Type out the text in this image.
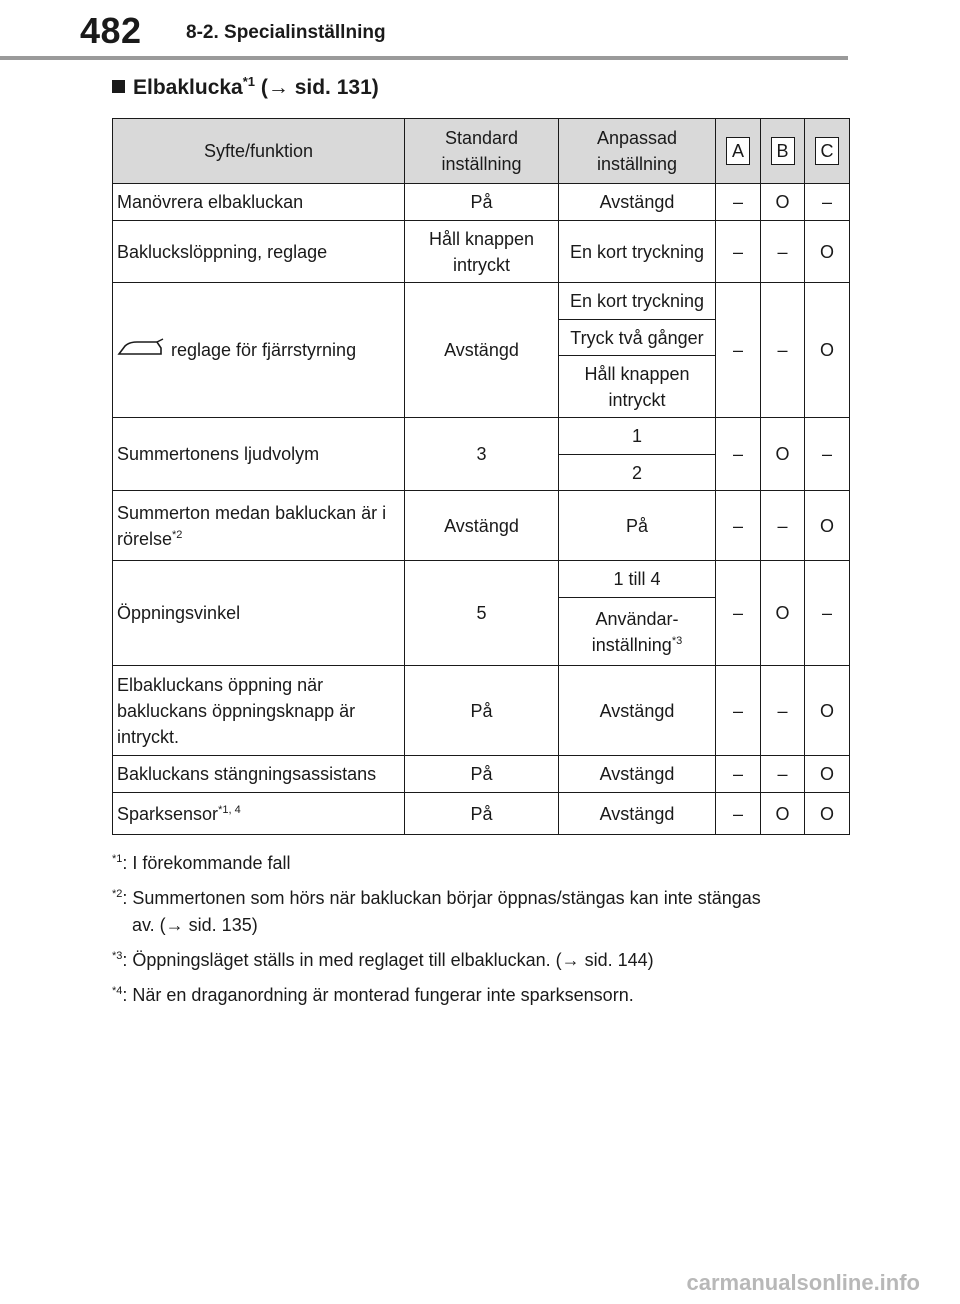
482 8-2. Specialinställning
Elbaklucka$^{*1}$ (→ sid. 131)
Syfte/funktion	Standard inställning	Anpassad inställning	A	B	C
Manövrera elbakluckan	På	Avstängd	–	O	–
Bakluckslöppning, reglage	Håll knappen intryckt	En kort tryckning	–	–	O
reglage för fjärrstyrning	Avstängd	En kort tryckning	–	–	O
		Tryck två gånger			
		Håll knappen intryckt			
Summertonens ljudvolym	3	1	–	O	–
		2			
Summerton medan bakluckan är i rörelse$^{*2}$	Avstängd	På	–	–	O
Öppningsvinkel	5	1 till 4	–	O	–
		Användar-inställning$^{*3}$
Elbakluckans öppning när bakluckans öppningsknapp är intryckt.	På	Avstängd	–	–	O
Bakluckans stängningsassistans	På	Avstängd	–	–	O
Sparksensor$^{*1, 4}$	På	Avstängd	–	O	O
$^{*1}$: I förekommande fall
$^{*2}$: Summertonen som hörs när bakluckan börjar öppnas/stängas kan inte stängas
av. (→ sid. 135)
$^{*3}$: Öppningsläget ställs in med reglaget till elbakluckan. (→ sid. 144)
$^{*4}$: När en draganordning är monterad fungerar inte sparksensorn.
carmanualsonline.info
